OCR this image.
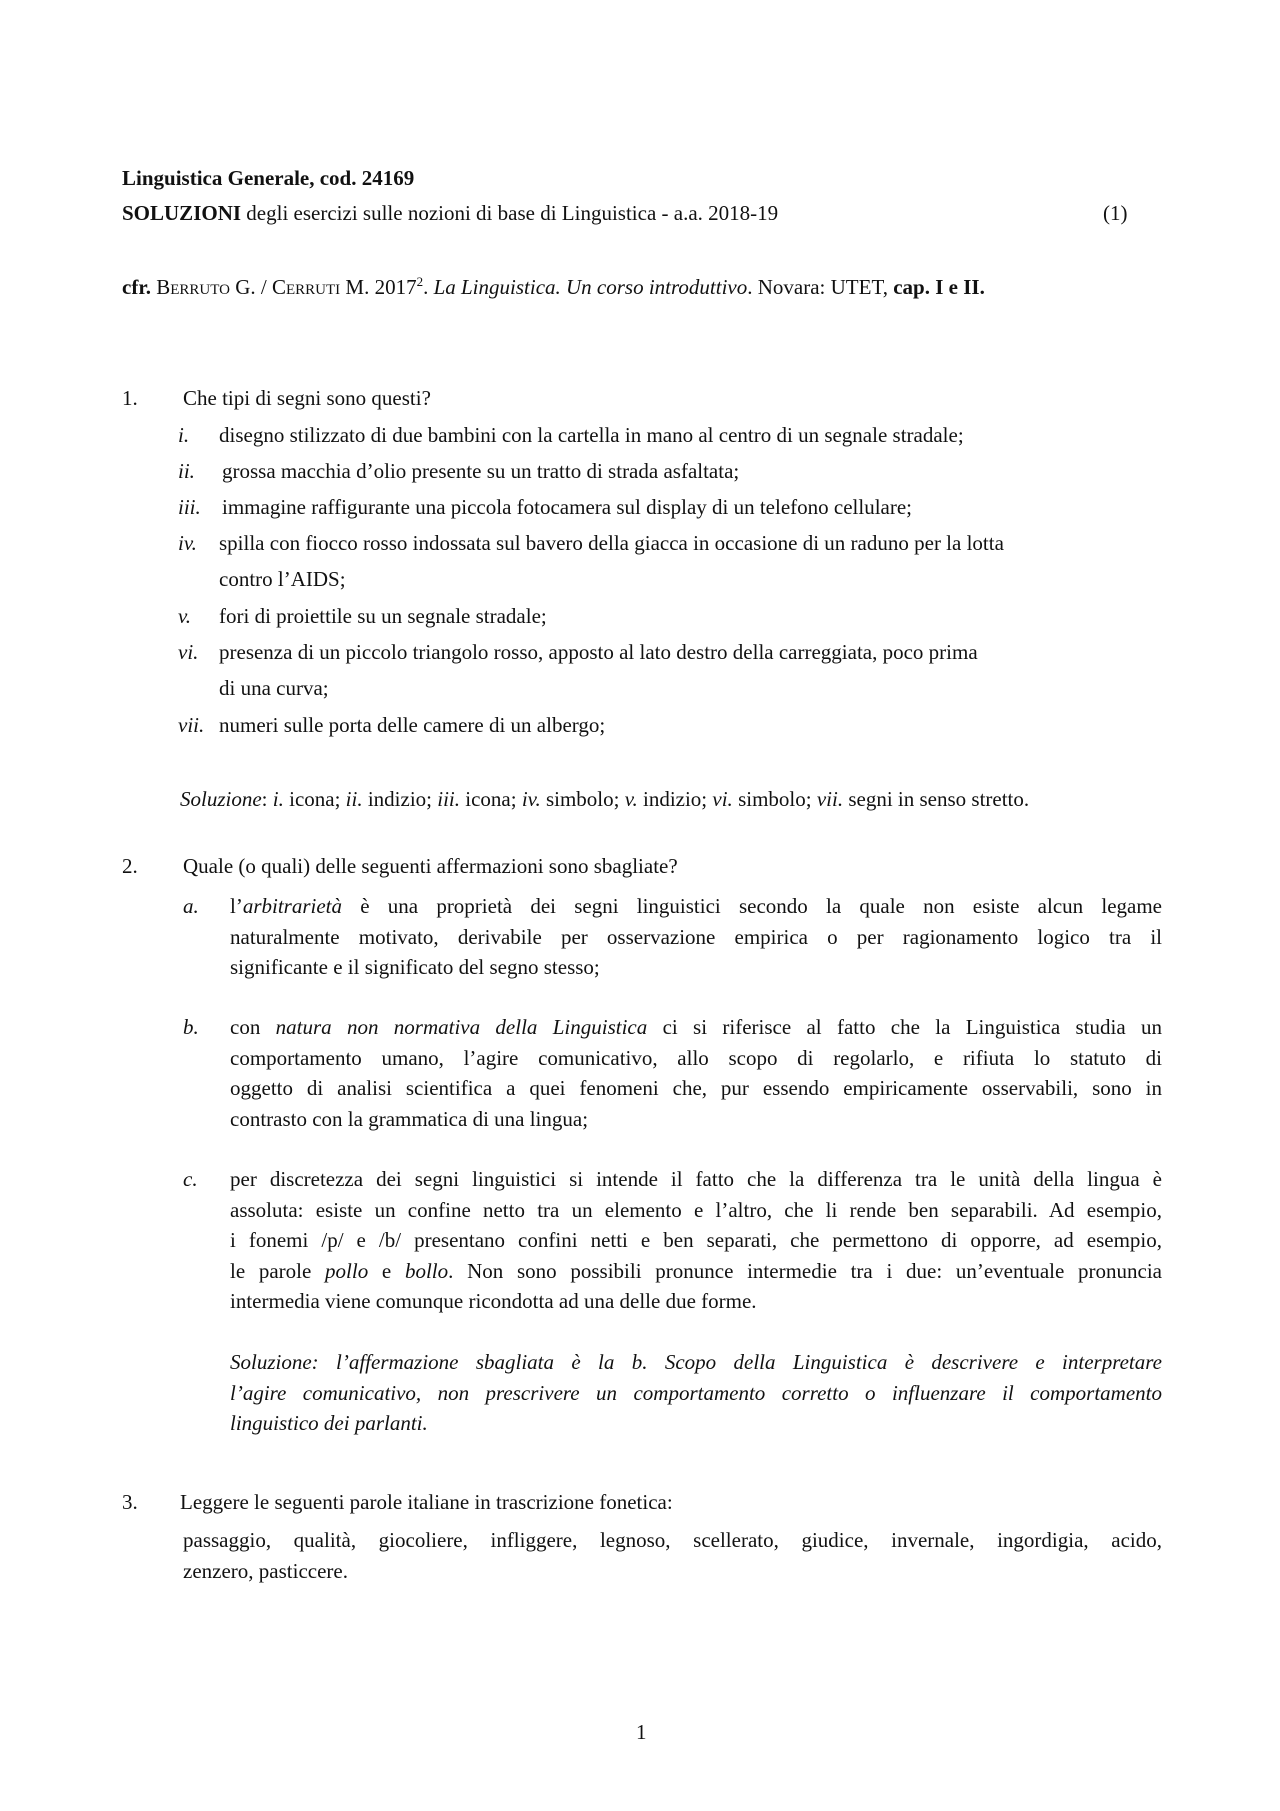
Linguistica Generale, cod. 24169
SOLUZIONI degli esercizi sulle nozioni di base di Linguistica - a.a. 2018-19	(1)
cfr. Berruto G. / Cerruti M. 2017$^2$. La Linguistica. Un corso introduttivo. Novara: UTET, cap. I e II.
1. Che tipi di segni sono questi?
i. disegno stilizzato di due bambini con la cartella in mano al centro di un segnale stradale;
ii. grossa macchia d’olio presente su un tratto di strada asfaltata;
iii. immagine raffigurante una piccola fotocamera sul display di un telefono cellulare;
iv. spilla con fiocco rosso indossata sul bavero della giacca in occasione di un raduno per la lotta
contro l’AIDS;
v. fori di proiettile su un segnale stradale;
vi. presenza di un piccolo triangolo rosso, apposto al lato destro della carreggiata, poco prima
di una curva;
vii. numeri sulle porta delle camere di un albergo;
Soluzione: i. icona; ii. indizio; iii. icona; iv. simbolo; v. indizio; vi. simbolo; vii. segni in senso stretto.
2. Quale (o quali) delle seguenti affermazioni sono sbagliate?
a. l’arbitrarietà è una proprietà dei segni linguistici secondo la quale non esiste alcun legame
naturalmente motivato, derivabile per osservazione empirica o per ragionamento logico tra il
significante e il significato del segno stesso;
b. con natura non normativa della Linguistica ci si riferisce al fatto che la Linguistica studia un
comportamento umano, l’agire comunicativo, allo scopo di regolarlo, e rifiuta lo statuto di
oggetto di analisi scientifica a quei fenomeni che, pur essendo empiricamente osservabili, sono in
contrasto con la grammatica di una lingua;
c. per discretezza dei segni linguistici si intende il fatto che la differenza tra le unità della lingua è
assoluta: esiste un confine netto tra un elemento e l’altro, che li rende ben separabili. Ad esempio,
i fonemi /p/ e /b/ presentano confini netti e ben separati, che permettono di opporre, ad esempio,
le parole pollo e bollo. Non sono possibili pronunce intermedie tra i due: un’eventuale pronuncia
intermedia viene comunque ricondotta ad una delle due forme.
Soluzione: l’affermazione sbagliata è la b. Scopo della Linguistica è descrivere e interpretare
l’agire comunicativo, non prescrivere un comportamento corretto o influenzare il comportamento
linguistico dei parlanti.
3. Leggere le seguenti parole italiane in trascrizione fonetica:
passaggio, qualità, giocoliere, infliggere, legnoso, scellerato, giudice, invernale, ingordigia, acido,
zenzero, pasticcere.
1
